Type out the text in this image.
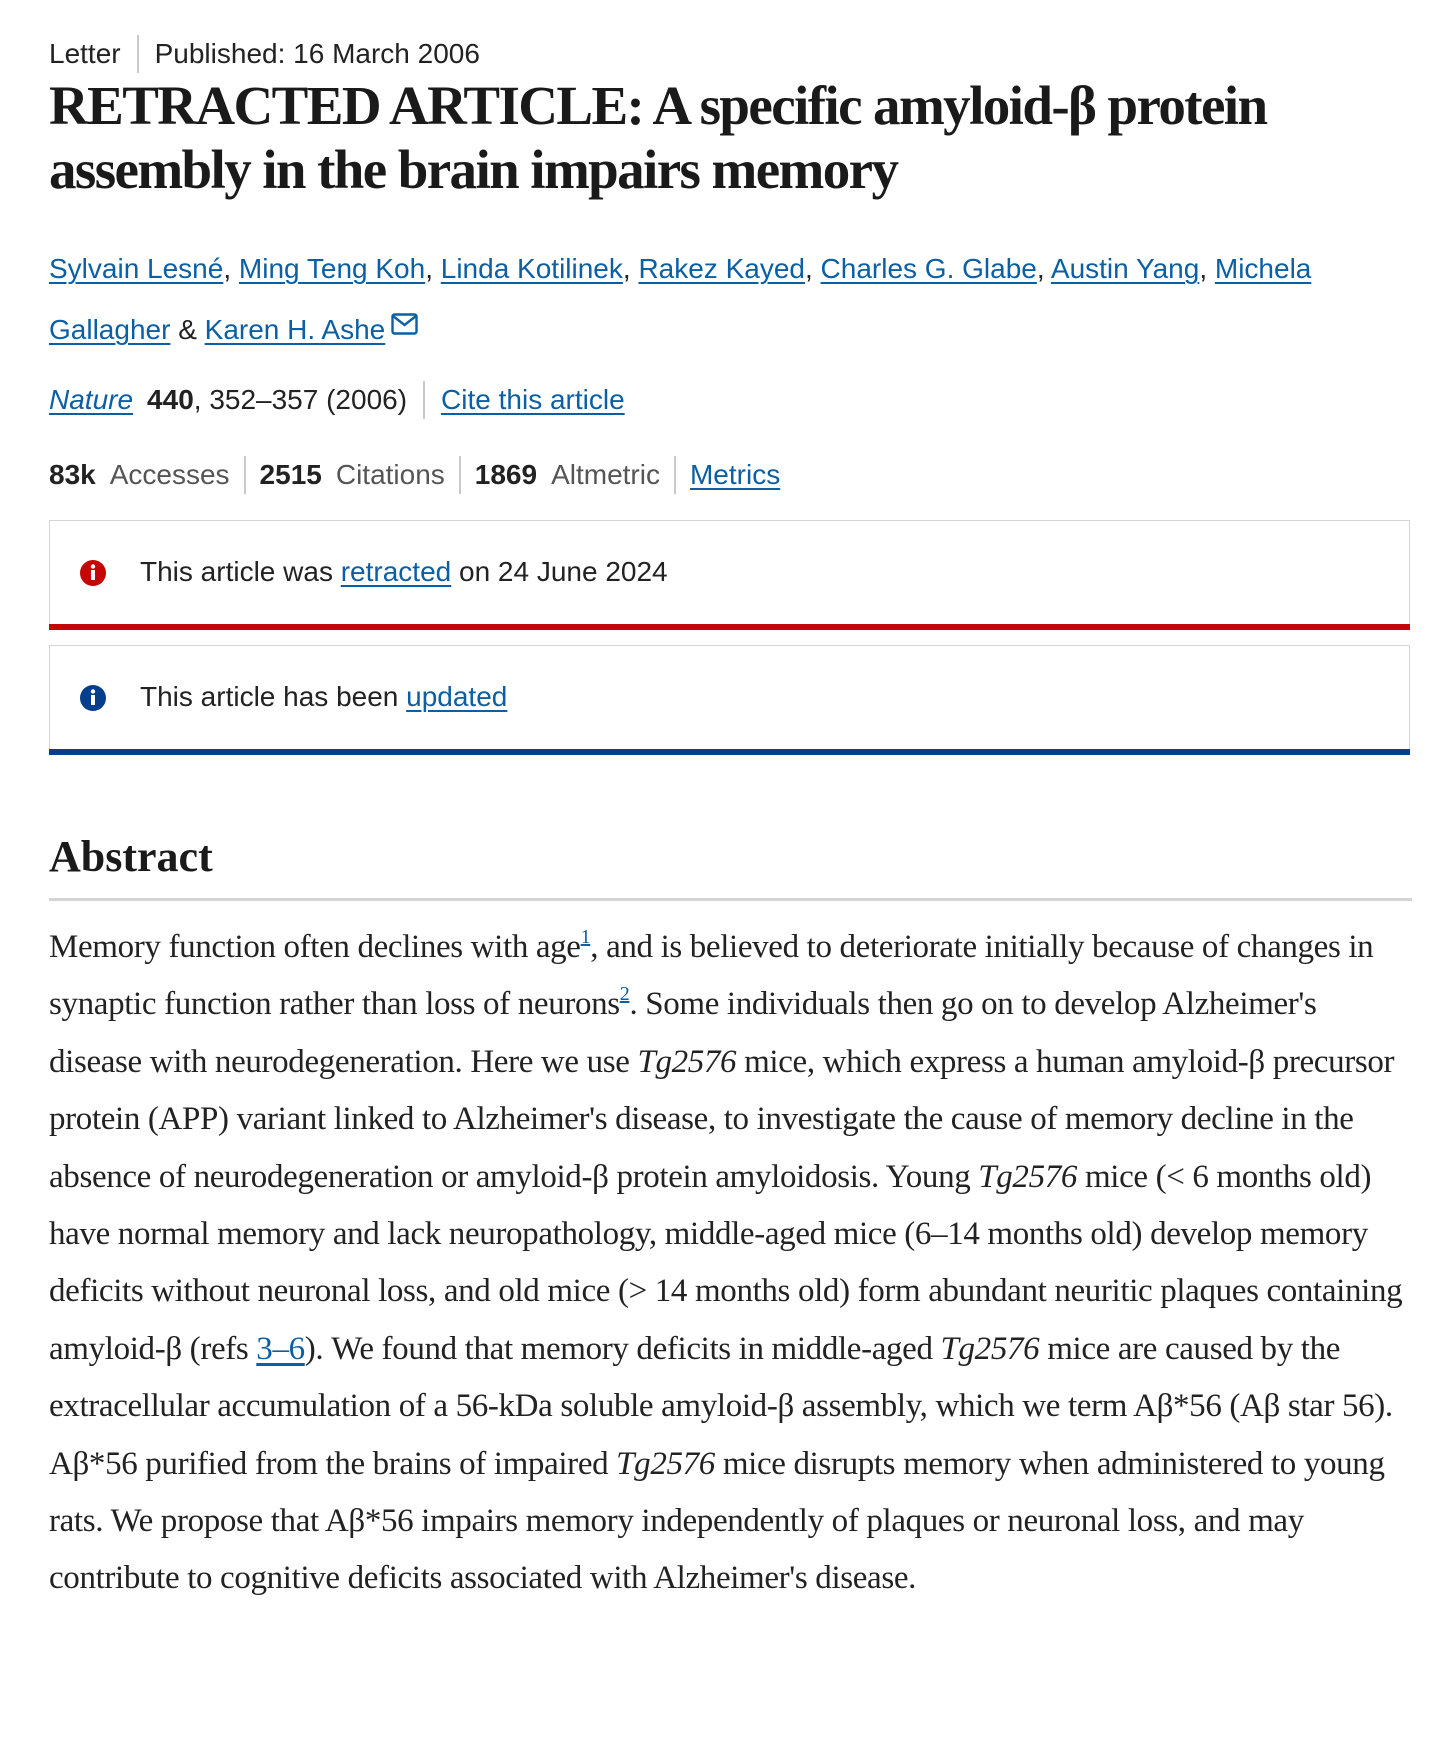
Letter Published: 16 March 2006
RETRACTED ARTICLE: A specific amyloid-β protein assembly in the brain impairs memory
Sylvain Lesné, Ming Teng Koh, Linda Kotilinek, Rakez Kayed, Charles G. Glabe, Austin Yang, Michela Gallagher & Karen H. Ashe
Nature 440 , 352–357 (2006) Cite this article
83k Accesses 2515 Citations 1869 Altmetric Metrics
This article was retracted on 24 June 2024
This article has been updated
Abstract

Memory function often declines with age$^1$, and is believed to deteriorate initially because of changes in synaptic function rather than loss of neurons$^2$. Some individuals then go on to develop Alzheimer's disease with neurodegeneration. Here we use Tg2576 mice, which express a human amyloid-β precursor protein (APP) variant linked to Alzheimer's disease, to investigate the cause of memory decline in the absence of neurodegeneration or amyloid-β protein amyloidosis. Young Tg2576 mice (< 6 months old) have normal memory and lack neuropathology, middle-aged mice (6–14 months old) develop memory deficits without neuronal loss, and old mice (> 14 months old) form abundant neuritic plaques containing amyloid-β (refs 3–6). We found that memory deficits in middle-aged Tg2576 mice are caused by the extracellular accumulation of a 56-kDa soluble amyloid-β assembly, which we term Aβ*56 (Aβ star 56). Aβ*56 purified from the brains of impaired Tg2576 mice disrupts memory when administered to young rats. We propose that Aβ*56 impairs memory independently of plaques or neuronal loss, and may contribute to cognitive deficits associated with Alzheimer's disease.
